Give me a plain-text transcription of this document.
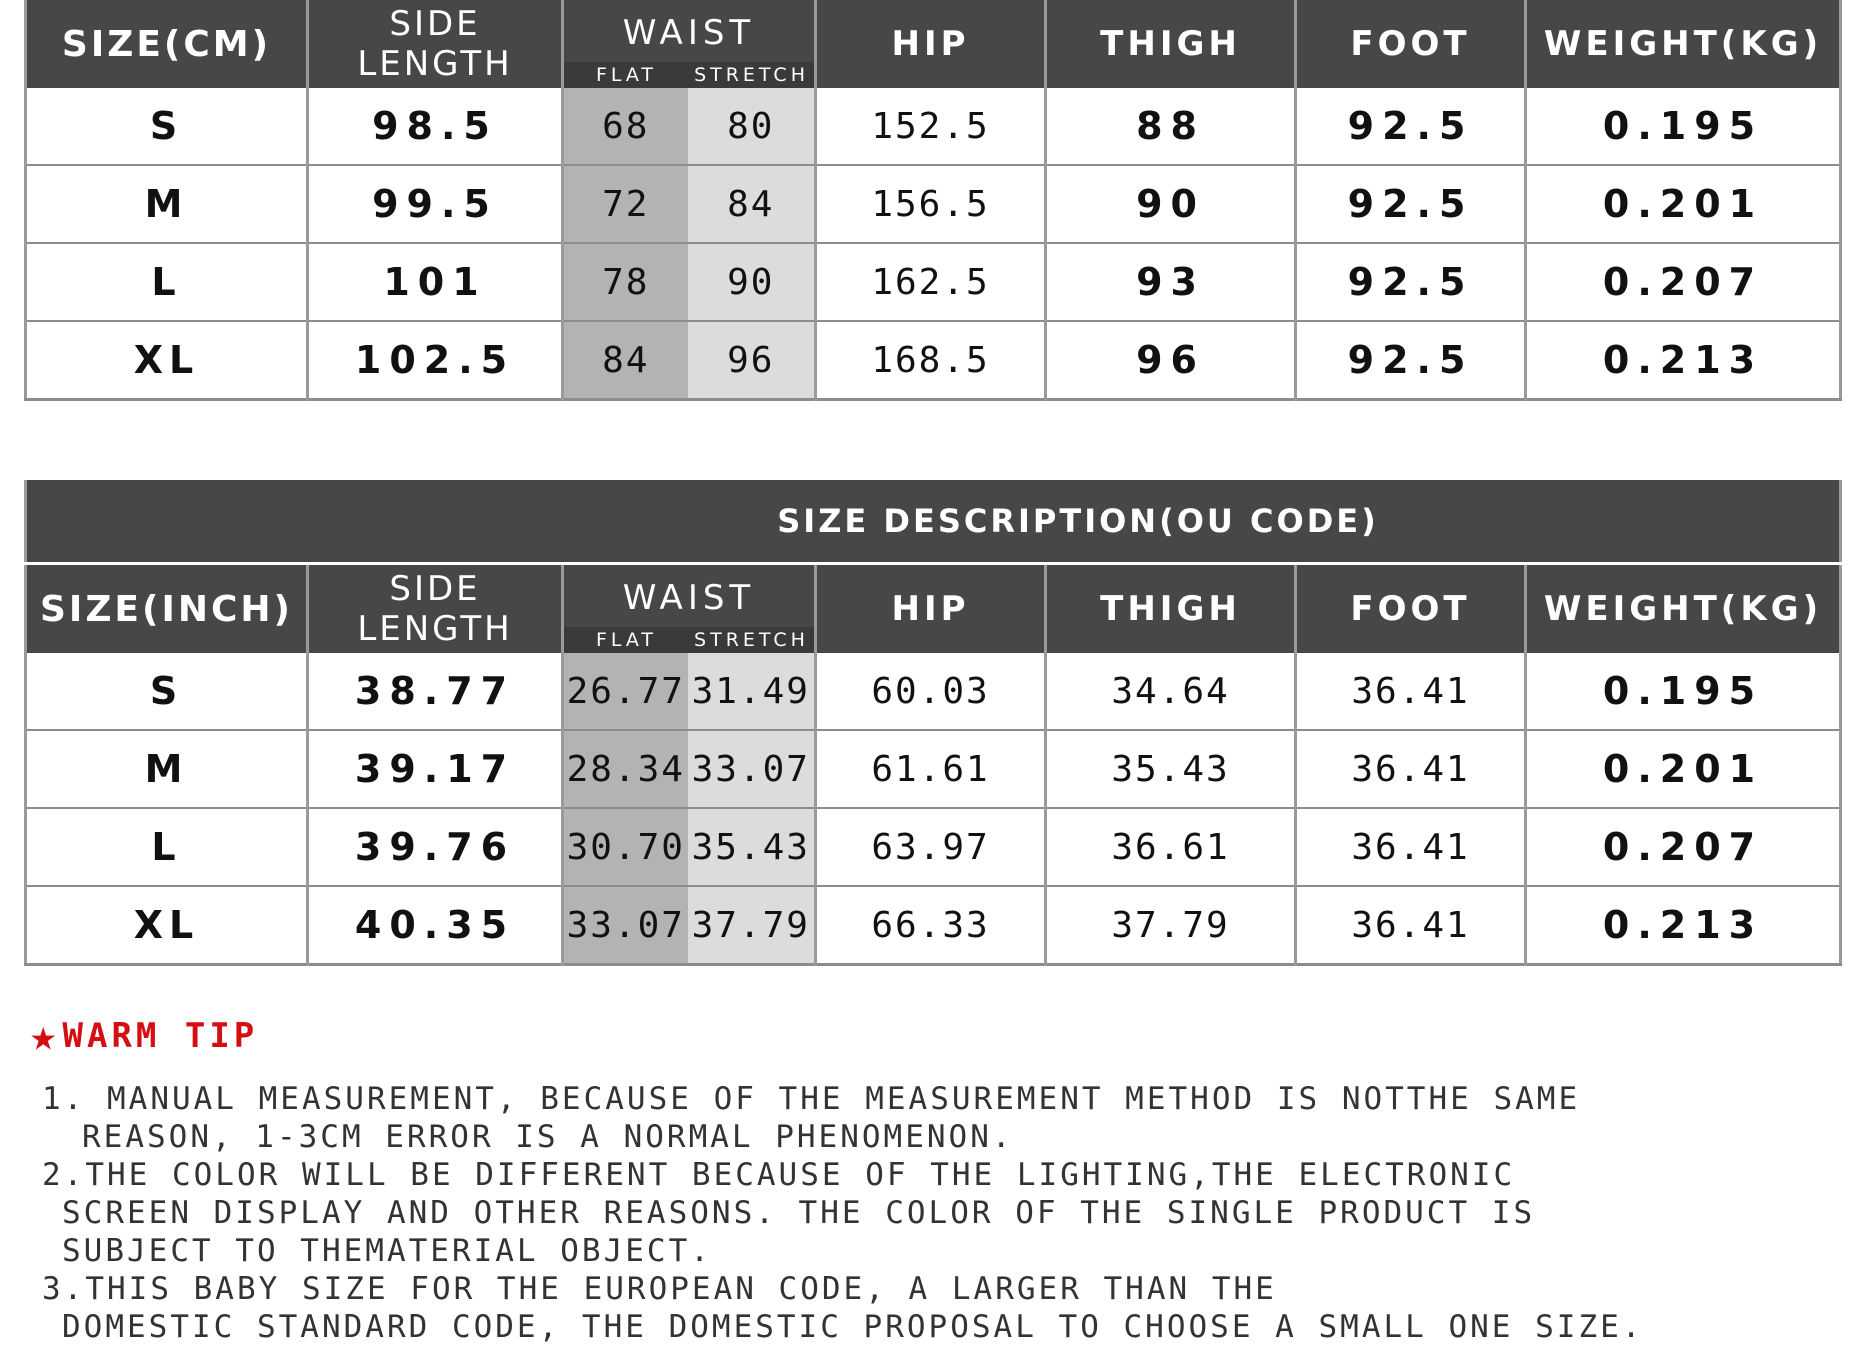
SIZE(CM)	SIDE LENGTH	WAIST
FLAT STRETCH		HIP	THIGH	FOOT	WEIGHT(KG)
S	98.5	68	80	152.5	88	92.5	0.195
M	99.5	72	84	156.5	90	92.5	0.201
L	101	78	90	162.5	93	92.5	0.207
XL	102.5	84	96	168.5	96	92.5	0.213
SIZE DESCRIPTION(OU CODE)							
SIZE(INCH)	SIDE LENGTH	WAIST
FLAT STRETCH		HIP	THIGH	FOOT	WEIGHT(KG)
S	38.77	26.77	31.49	60.03	34.64	36.41	0.195
M	39.17	28.34	33.07	61.61	35.43	36.41	0.201
L	39.76	30.70	35.43	63.97	36.61	36.41	0.207
XL	40.35	33.07	37.79	66.33	37.79	36.41	0.213
★ WARM TIP

1. MANUAL MEASUREMENT, BECAUSE OF THE MEASUREMENT METHOD IS NOTTHE SAME

REASON, 1-3CM ERROR IS A NORMAL PHENOMENON.

2.THE COLOR WILL BE DIFFERENT BECAUSE OF THE LIGHTING,THE ELECTRONIC

SCREEN DISPLAY AND OTHER REASONS. THE COLOR OF THE SINGLE PRODUCT IS

SUBJECT TO THEMATERIAL OBJECT.

3.THIS BABY SIZE FOR THE EUROPEAN CODE, A LARGER THAN THE

DOMESTIC STANDARD CODE, THE DOMESTIC PROPOSAL TO CHOOSE A SMALL ONE SIZE.
